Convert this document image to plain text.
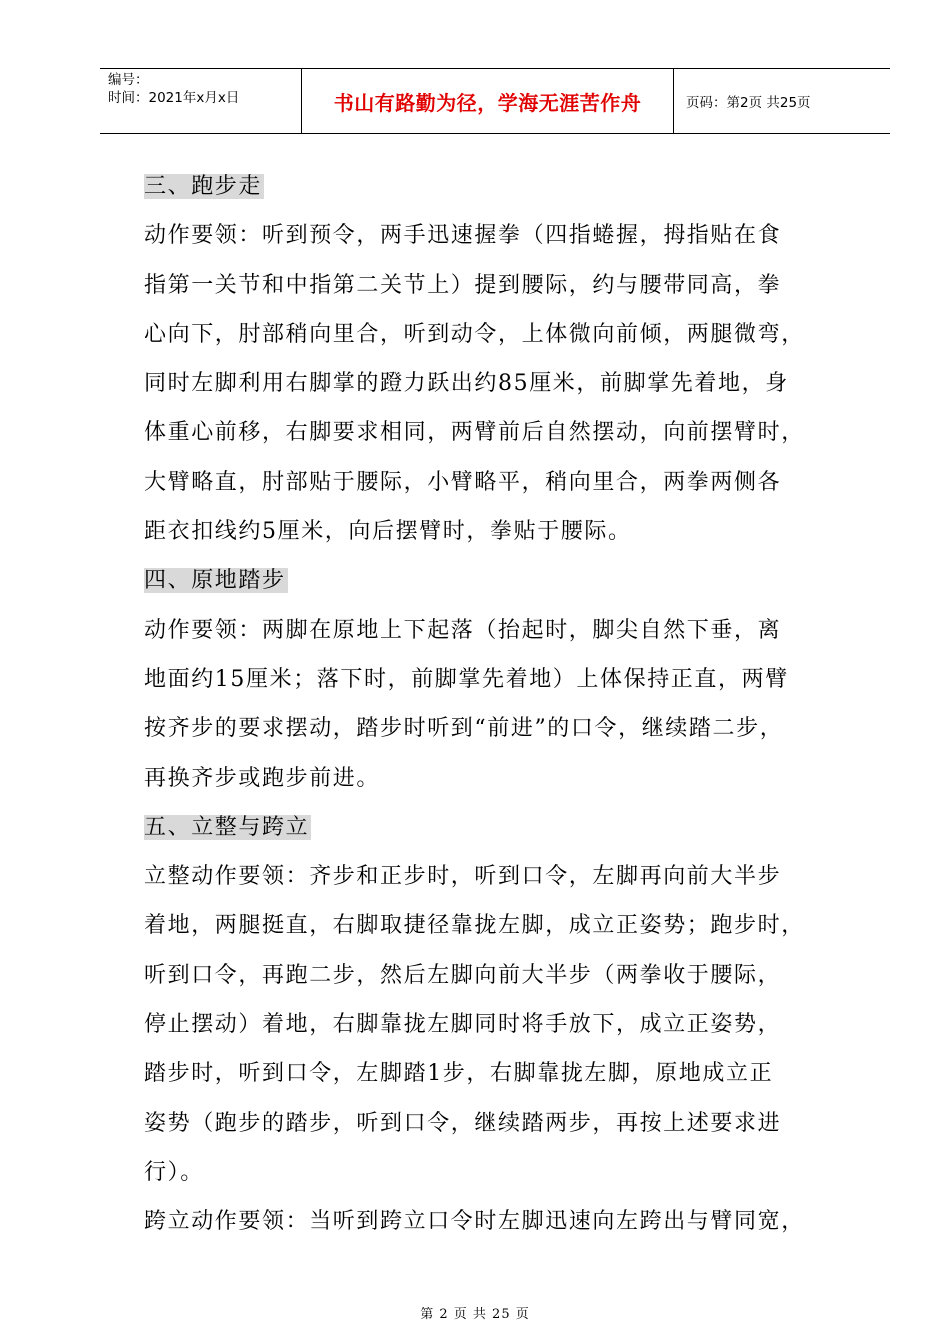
编号：
时间：2021年x月x日	书山有路勤为径，学海无涯苦作舟	页码：第2页 共25页
三、跑步走
动作要领：听到预令，两手迅速握拳（四指蜷握，拇指贴在食
指第一关节和中指第二关节上）提到腰际，约与腰带同高，拳
心向下，肘部稍向里合，听到动令，上体微向前倾，两腿微弯，
同时左脚利用右脚掌的蹬力跃出约85厘米，前脚掌先着地，身
体重心前移，右脚要求相同，两臂前后自然摆动，向前摆臂时，
大臂略直，肘部贴于腰际，小臂略平，稍向里合，两拳两侧各
距衣扣线约5厘米，向后摆臂时，拳贴于腰际。
四、原地踏步
动作要领：两脚在原地上下起落（抬起时，脚尖自然下垂，离
地面约15厘米；落下时，前脚掌先着地）上体保持正直，两臂
按齐步的要求摆动，踏步时听到“前进”的口令，继续踏二步，
再换齐步或跑步前进。
五、立整与跨立
立整动作要领：齐步和正步时，听到口令，左脚再向前大半步
着地，两腿挺直，右脚取捷径靠拢左脚，成立正姿势；跑步时，
听到口令，再跑二步，然后左脚向前大半步（两拳收于腰际，
停止摆动）着地，右脚靠拢左脚同时将手放下，成立正姿势，
踏步时，听到口令，左脚踏1步，右脚靠拢左脚，原地成立正
姿势（跑步的踏步，听到口令，继续踏两步，再按上述要求进
行）。
跨立动作要领：当听到跨立口令时左脚迅速向左跨出与臂同宽，
第 2 页 共 25 页
